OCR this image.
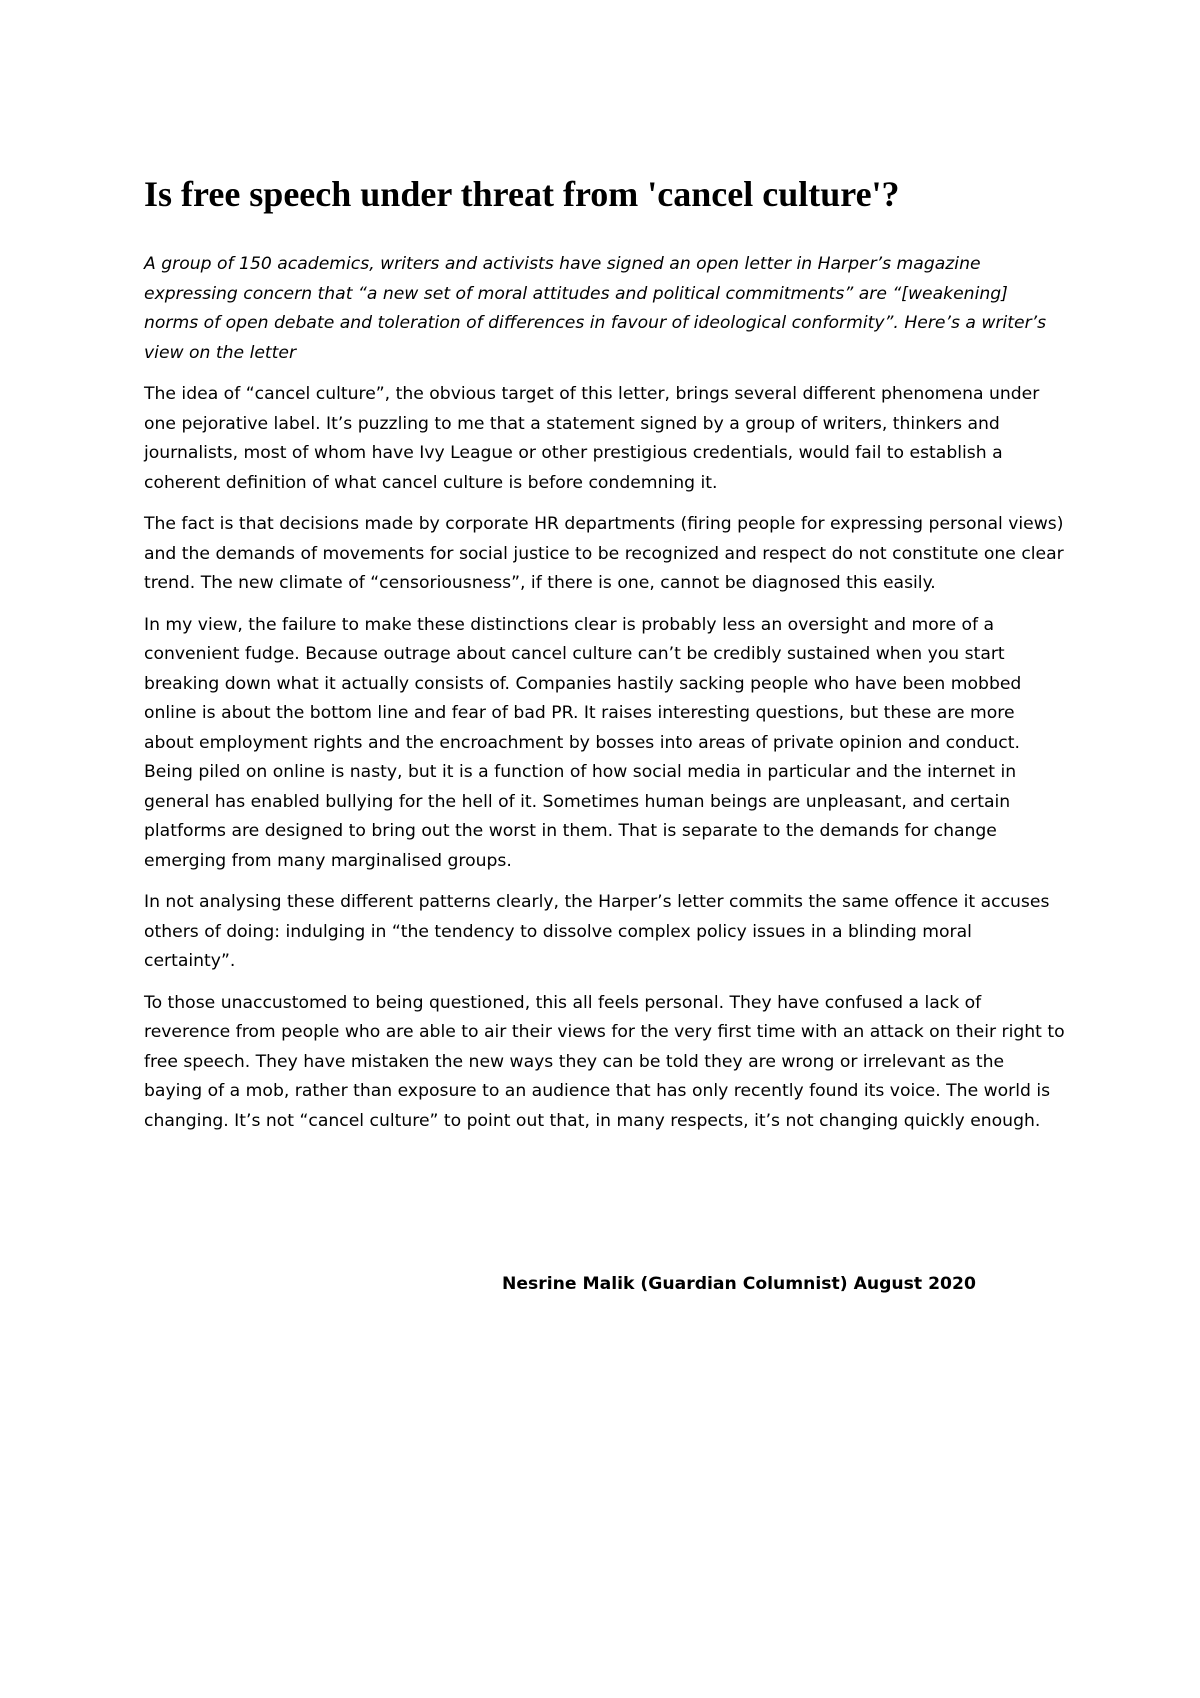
Is free speech under threat from 'cancel culture'?

A group of 150 academics, writers and activists have signed an open letter in Harper’s magazine expressing concern that “a new set of moral attitudes and political commitments” are “[weakening] norms of open debate and toleration of differences in favour of ideological conformity”. Here’s a writer’s view on the letter

The idea of “cancel culture”, the obvious target of this letter, brings several different phenomena under one pejorative label. It’s puzzling to me that a statement signed by a group of writers, thinkers and journalists, most of whom have Ivy League or other prestigious credentials, would fail to establish a coherent definition of what cancel culture is before condemning it.

The fact is that decisions made by corporate HR departments (firing people for expressing personal views) and the demands of movements for social justice to be recognized and respect do not constitute one clear trend. The new climate of “censoriousness”, if there is one, cannot be diagnosed this easily.

In my view, the failure to make these distinctions clear is probably less an oversight and more of a convenient fudge. Because outrage about cancel culture can’t be credibly sustained when you start breaking down what it actually consists of. Companies hastily sacking people who have been mobbed online is about the bottom line and fear of bad PR. It raises interesting questions, but these are more about employment rights and the encroachment by bosses into areas of private opinion and conduct. Being piled on online is nasty, but it is a function of how social media in particular and the internet in general has enabled bullying for the hell of it. Sometimes human beings are unpleasant, and certain platforms are designed to bring out the worst in them. That is separate to the demands for change emerging from many marginalised groups.

In not analysing these different patterns clearly, the Harper’s letter commits the same offence it accuses others of doing: indulging in “the tendency to dissolve complex policy issues in a blinding moral certainty”.

To those unaccustomed to being questioned, this all feels personal. They have confused a lack of reverence from people who are able to air their views for the very first time with an attack on their right to free speech. They have mistaken the new ways they can be told they are wrong or irrelevant as the baying of a mob, rather than exposure to an audience that has only recently found its voice. The world is changing. It’s not “cancel culture” to point out that, in many respects, it’s not changing quickly enough.

Nesrine Malik (Guardian Columnist) August 2020
